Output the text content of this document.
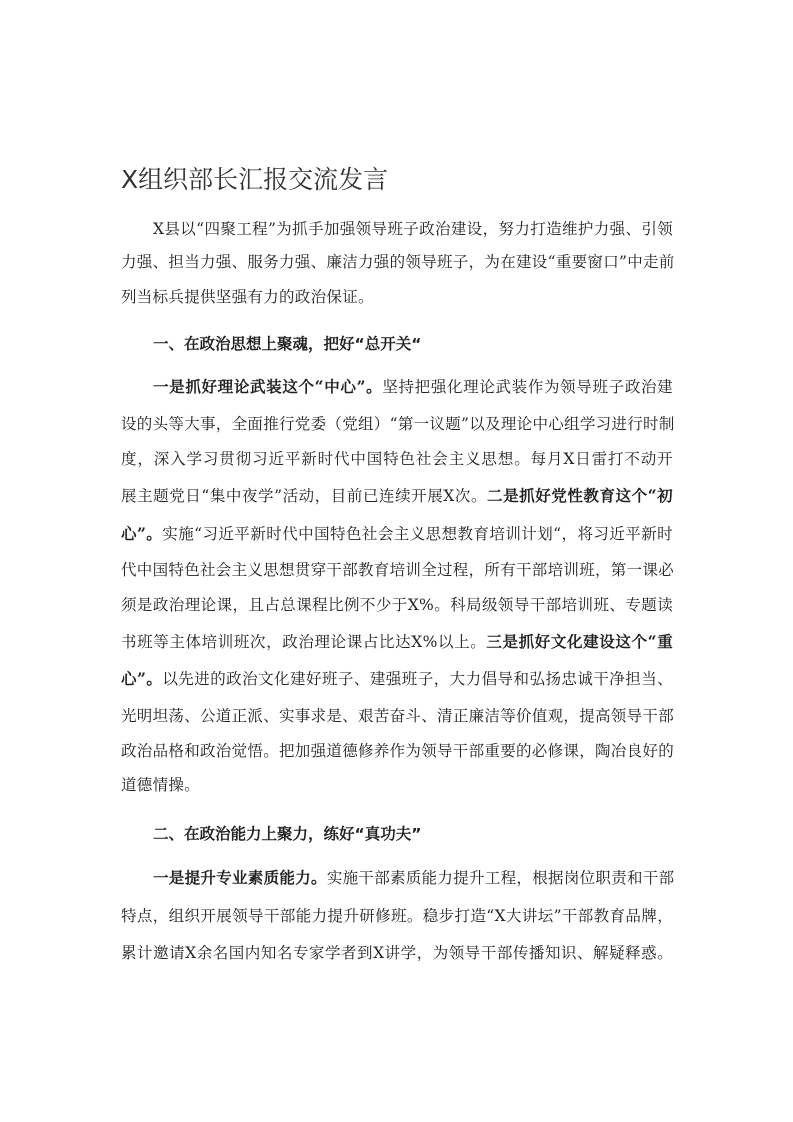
X组织部长汇报交流发言
X县以“四聚工程”为抓手加强领导班子政治建设，努力打造维护力强、引领
力强、担当力强、服务力强、廉洁力强的领导班子，为在建设“重要窗口”中走前
列当标兵提供坚强有力的政治保证。
一、在政治思想上聚魂，把好“总开关“
一是抓好理论武装这个“中心”。坚持把强化理论武装作为领导班子政治建
设的头等大事，全面推行党委（党组）“第一议题”以及理论中心组学习进行时制
度，深入学习贯彻习近平新时代中国特色社会主义思想。每月X日雷打不动开
展主题党日“集中夜学”活动，目前已连续开展X次。二是抓好党性教育这个“初
心”。实施“习近平新时代中国特色社会主义思想教育培训计划“，将习近平新时
代中国特色社会主义思想贯穿干部教育培训全过程，所有干部培训班，第一课必
须是政治理论课，且占总课程比例不少于X%。科局级领导干部培训班、专题读
书班等主体培训班次，政治理论课占比达X%以上。三是抓好文化建设这个“重
心”。以先进的政治文化建好班子、建强班子，大力倡导和弘扬忠诚干净担当、
光明坦荡、公道正派、实事求是、艰苦奋斗、清正廉洁等价值观，提高领导干部
政治品格和政治觉悟。把加强道德修养作为领导干部重要的必修课，陶冶良好的
道德情操。
二、在政治能力上聚力，练好“真功夫”
一是提升专业素质能力。实施干部素质能力提升工程，根据岗位职责和干部
特点，组织开展领导干部能力提升研修班。稳步打造“X大讲坛”干部教育品牌，
累计邀请X余名国内知名专家学者到X讲学，为领导干部传播知识、解疑释惑。
